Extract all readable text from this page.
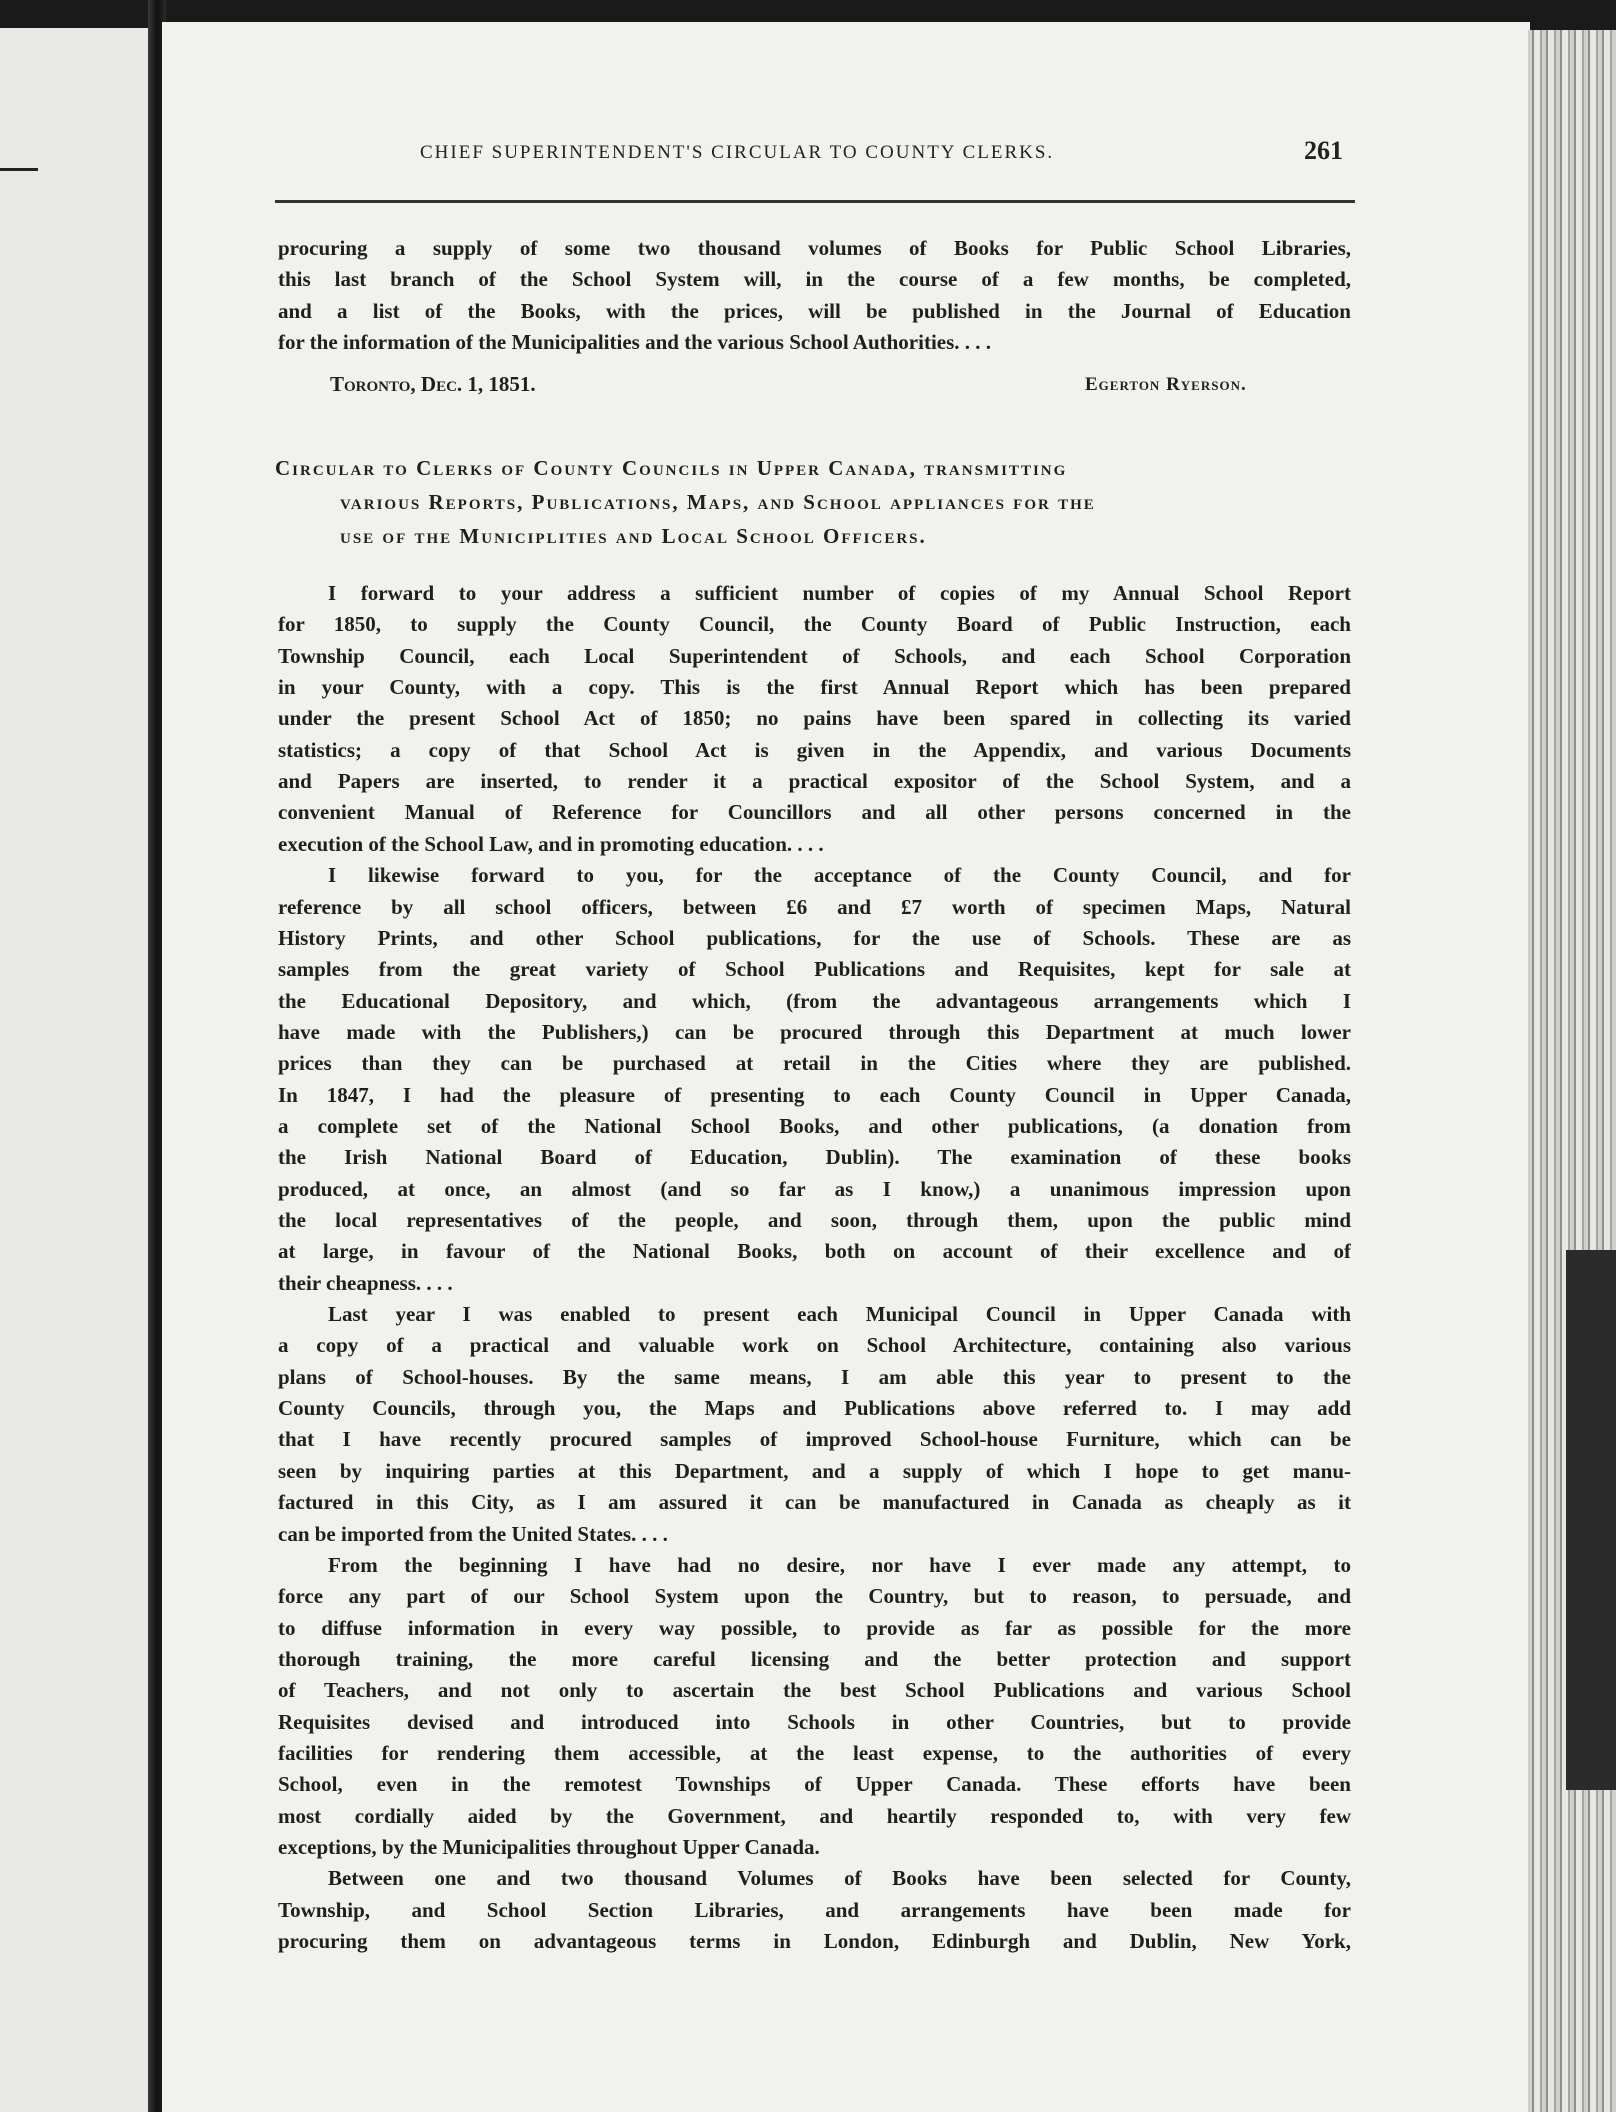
CHIEF SUPERINTENDENT'S CIRCULAR TO COUNTY CLERKS.	261
procuring a supply of some two thousand volumes of Books for Public School Libraries,
this last branch of the School System will, in the course of a few months, be completed,
and a list of the Books, with the prices, will be published in the Journal of Education
for the information of the Municipalities and the various School Authorities. . . .
Toronto, Dec. 1, 1851.	Egerton Ryerson.
Circular to Clerks of County Councils in Upper Canada, transmitting
various Reports, Publications, Maps, and School appliances for the
use of the Municiplities and Local School Officers.
I forward to your address a sufficient number of copies of my Annual School Report
for 1850, to supply the County Council, the County Board of Public Instruction, each
Township Council, each Local Superintendent of Schools, and each School Corporation
in your County, with a copy. This is the first Annual Report which has been prepared
under the present School Act of 1850; no pains have been spared in collecting its varied
statistics; a copy of that School Act is given in the Appendix, and various Documents
and Papers are inserted, to render it a practical expositor of the School System, and a
convenient Manual of Reference for Councillors and all other persons concerned in the
execution of the School Law, and in promoting education. . . .
I likewise forward to you, for the acceptance of the County Council, and for
reference by all school officers, between £6 and £7 worth of specimen Maps, Natural
History Prints, and other School publications, for the use of Schools. These are as
samples from the great variety of School Publications and Requisites, kept for sale at
the Educational Depository, and which, (from the advantageous arrangements which I
have made with the Publishers,) can be procured through this Department at much lower
prices than they can be purchased at retail in the Cities where they are published.
In 1847, I had the pleasure of presenting to each County Council in Upper Canada,
a complete set of the National School Books, and other publications, (a donation from
the Irish National Board of Education, Dublin). The examination of these books
produced, at once, an almost (and so far as I know,) a unanimous impression upon
the local representatives of the people, and soon, through them, upon the public mind
at large, in favour of the National Books, both on account of their excellence and of
their cheapness. . . .
Last year I was enabled to present each Municipal Council in Upper Canada with
a copy of a practical and valuable work on School Architecture, containing also various
plans of School-houses. By the same means, I am able this year to present to the
County Councils, through you, the Maps and Publications above referred to. I may add
that I have recently procured samples of improved School-house Furniture, which can be
seen by inquiring parties at this Department, and a supply of which I hope to get manu-
factured in this City, as I am assured it can be manufactured in Canada as cheaply as it
can be imported from the United States. . . .
From the beginning I have had no desire, nor have I ever made any attempt, to
force any part of our School System upon the Country, but to reason, to persuade, and
to diffuse information in every way possible, to provide as far as possible for the more
thorough training, the more careful licensing and the better protection and support
of Teachers, and not only to ascertain the best School Publications and various School
Requisites devised and introduced into Schools in other Countries, but to provide
facilities for rendering them accessible, at the least expense, to the authorities of every
School, even in the remotest Townships of Upper Canada. These efforts have been
most cordially aided by the Government, and heartily responded to, with very few
exceptions, by the Municipalities throughout Upper Canada.
Between one and two thousand Volumes of Books have been selected for County,
Township, and School Section Libraries, and arrangements have been made for
procuring them on advantageous terms in London, Edinburgh and Dublin, New York,
